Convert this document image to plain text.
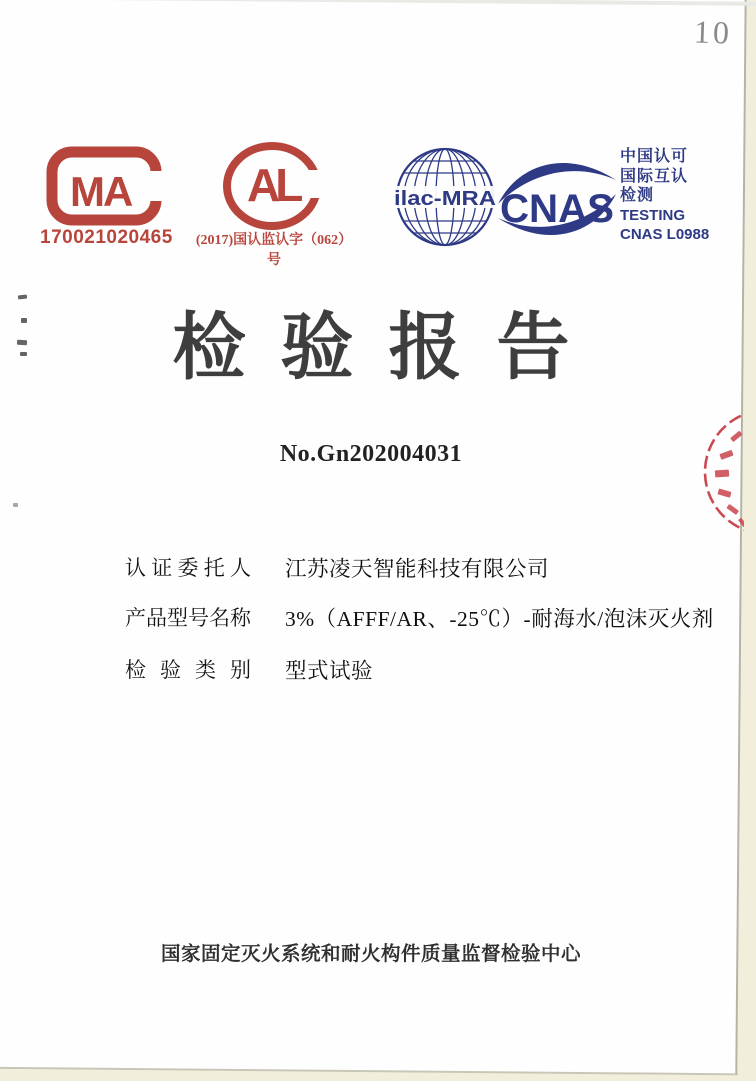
MA
170021020465
AL
(2017)国认监认字（062）号
ilac-MRA CNAS
中国认可
国际互认
检测
TESTING
CNAS L0988
检验报告
No.Gn202004031
认证委托人 江苏凌天智能科技有限公司
产品型号名称 3%（AFFF/AR、-25℃）-耐海水/泡沫灭火剂
检验类别 型式试验
国家固定灭火系统和耐火构件质量监督检验中心
10
